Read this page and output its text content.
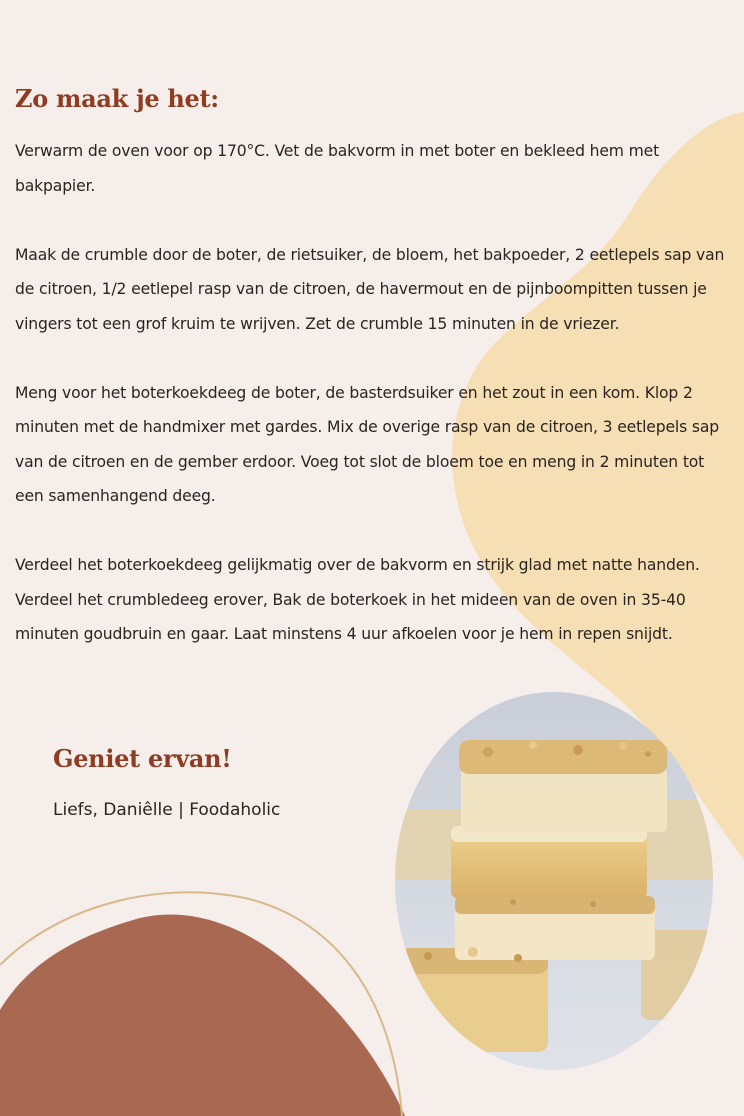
Zo maak je het:

Verwarm de oven voor op 170°C. Vet de bakvorm in met boter en bekleed hem met bakpapier.

Maak de crumble door de boter, de rietsuiker, de bloem, het bakpoeder, 2 eetlepels sap van de citroen, 1/2 eetlepel rasp van de citroen, de havermout en de pijnboompitten tussen je vingers tot een grof kruim te wrijven. Zet de crumble 15 minuten in de vriezer.

Meng voor het boterkoekdeeg de boter, de basterdsuiker en het zout in een kom. Klop 2 minuten met de handmixer met gardes. Mix de overige rasp van de citroen, 3 eetlepels sap van de citroen en de gember erdoor. Voeg tot slot de bloem toe en meng in 2 minuten tot een samenhangend deeg.

Verdeel het boterkoekdeeg gelijkmatig over de bakvorm en strijk glad met natte handen. Verdeel het crumbledeeg erover, Bak de boterkoek in het mideen van de oven in 35-40 minuten goudbruin en gaar. Laat minstens 4 uur afkoelen voor je hem in repen snijdt.

Geniet ervan!

Liefs, Daniêlle | Foodaholic
